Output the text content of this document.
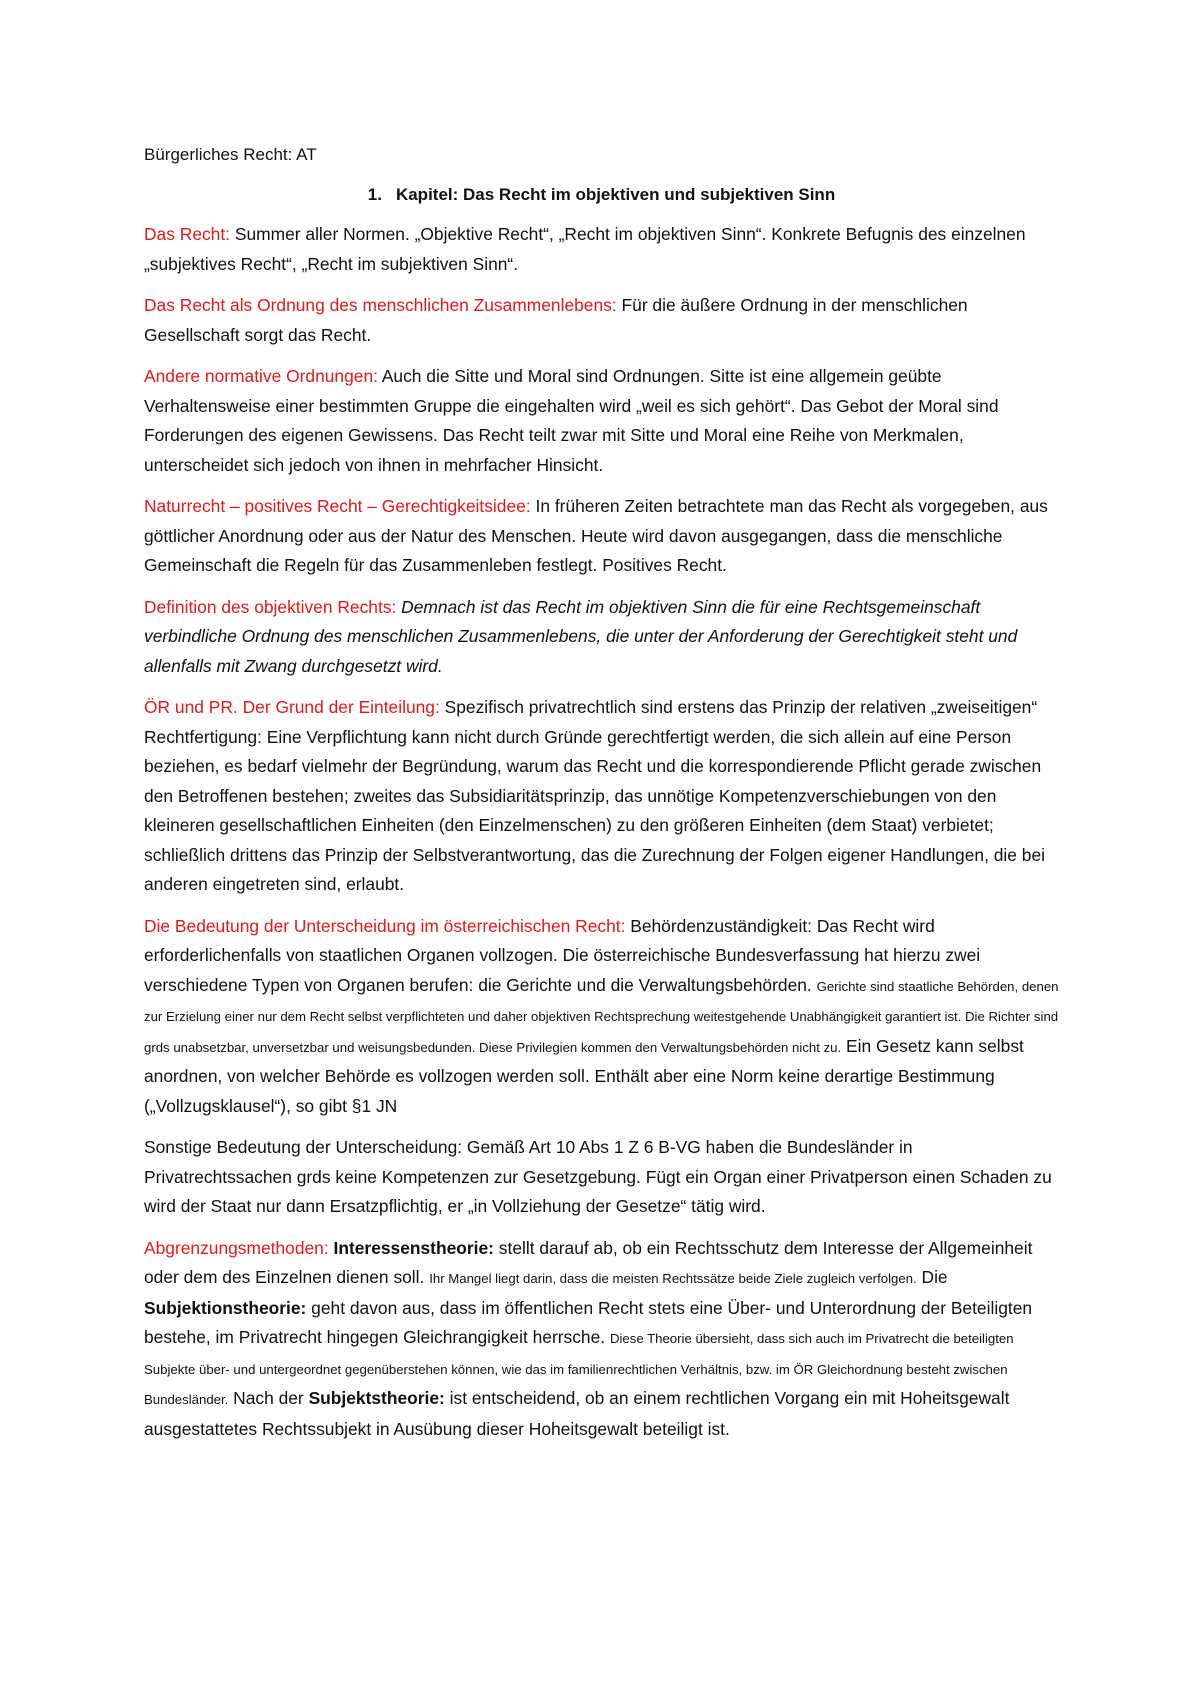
Bürgerliches Recht: AT
1. Kapitel: Das Recht im objektiven und subjektiven Sinn

Das Recht: Summer aller Normen. „Objektive Recht“, „Recht im objektiven Sinn“. Konkrete Befugnis des einzelnen „subjektives Recht“, „Recht im subjektiven Sinn“.

Das Recht als Ordnung des menschlichen Zusammenlebens: Für die äußere Ordnung in der menschlichen Gesellschaft sorgt das Recht.

Andere normative Ordnungen: Auch die Sitte und Moral sind Ordnungen. Sitte ist eine allgemein geübte Verhaltensweise einer bestimmten Gruppe die eingehalten wird „weil es sich gehört“. Das Gebot der Moral sind Forderungen des eigenen Gewissens. Das Recht teilt zwar mit Sitte und Moral eine Reihe von Merkmalen, unterscheidet sich jedoch von ihnen in mehrfacher Hinsicht.

Naturrecht – positives Recht – Gerechtigkeitsidee: In früheren Zeiten betrachtete man das Recht als vorgegeben, aus göttlicher Anordnung oder aus der Natur des Menschen. Heute wird davon ausgegangen, dass die menschliche Gemeinschaft die Regeln für das Zusammenleben festlegt. Positives Recht.

Definition des objektiven Rechts: Demnach ist das Recht im objektiven Sinn die für eine Rechtsgemeinschaft verbindliche Ordnung des menschlichen Zusammenlebens, die unter der Anforderung der Gerechtigkeit steht und allenfalls mit Zwang durchgesetzt wird.

ÖR und PR. Der Grund der Einteilung: Spezifisch privatrechtlich sind erstens das Prinzip der relativen „zweiseitigen“ Rechtfertigung: Eine Verpflichtung kann nicht durch Gründe gerechtfertigt werden, die sich allein auf eine Person beziehen, es bedarf vielmehr der Begründung, warum das Recht und die korrespondierende Pflicht gerade zwischen den Betroffenen bestehen; zweites das Subsidiaritätsprinzip, das unnötige Kompetenzverschiebungen von den kleineren gesellschaftlichen Einheiten (den Einzelmenschen) zu den größeren Einheiten (dem Staat) verbietet; schließlich drittens das Prinzip der Selbstverantwortung, das die Zurechnung der Folgen eigener Handlungen, die bei anderen eingetreten sind, erlaubt.

Die Bedeutung der Unterscheidung im österreichischen Recht: Behördenzuständigkeit: Das Recht wird erforderlichenfalls von staatlichen Organen vollzogen. Die österreichische Bundesverfassung hat hierzu zwei verschiedene Typen von Organen berufen: die Gerichte und die Verwaltungsbehörden. Gerichte sind staatliche Behörden, denen zur Erzielung einer nur dem Recht selbst verpflichteten und daher objektiven Rechtsprechung weitestgehende Unabhängigkeit garantiert ist. Die Richter sind grds unabsetzbar, unversetzbar und weisungsbedunden. Diese Privilegien kommen den Verwaltungsbehörden nicht zu. Ein Gesetz kann selbst anordnen, von welcher Behörde es vollzogen werden soll. Enthält aber eine Norm keine derartige Bestimmung („Vollzugsklausel“), so gibt §1 JN

Sonstige Bedeutung der Unterscheidung: Gemäß Art 10 Abs 1 Z 6 B-VG haben die Bundesländer in Privatrechtssachen grds keine Kompetenzen zur Gesetzgebung. Fügt ein Organ einer Privatperson einen Schaden zu wird der Staat nur dann Ersatzpflichtig, er „in Vollziehung der Gesetze“ tätig wird.

Abgrenzungsmethoden: Interessenstheorie: stellt darauf ab, ob ein Rechtsschutz dem Interesse der Allgemeinheit oder dem des Einzelnen dienen soll. Ihr Mangel liegt darin, dass die meisten Rechtssätze beide Ziele zugleich verfolgen. Die Subjektionstheorie: geht davon aus, dass im öffentlichen Recht stets eine Über- und Unterordnung der Beteiligten bestehe, im Privatrecht hingegen Gleichrangigkeit herrsche. Diese Theorie übersieht, dass sich auch im Privatrecht die beteiligten Subjekte über- und untergeordnet gegenüberstehen können, wie das im familienrechtlichen Verhältnis, bzw. im ÖR Gleichordnung besteht zwischen Bundesländer. Nach der Subjektstheorie: ist entscheidend, ob an einem rechtlichen Vorgang ein mit Hoheitsgewalt ausgestattetes Rechtssubjekt in Ausübung dieser Hoheitsgewalt beteiligt ist.
